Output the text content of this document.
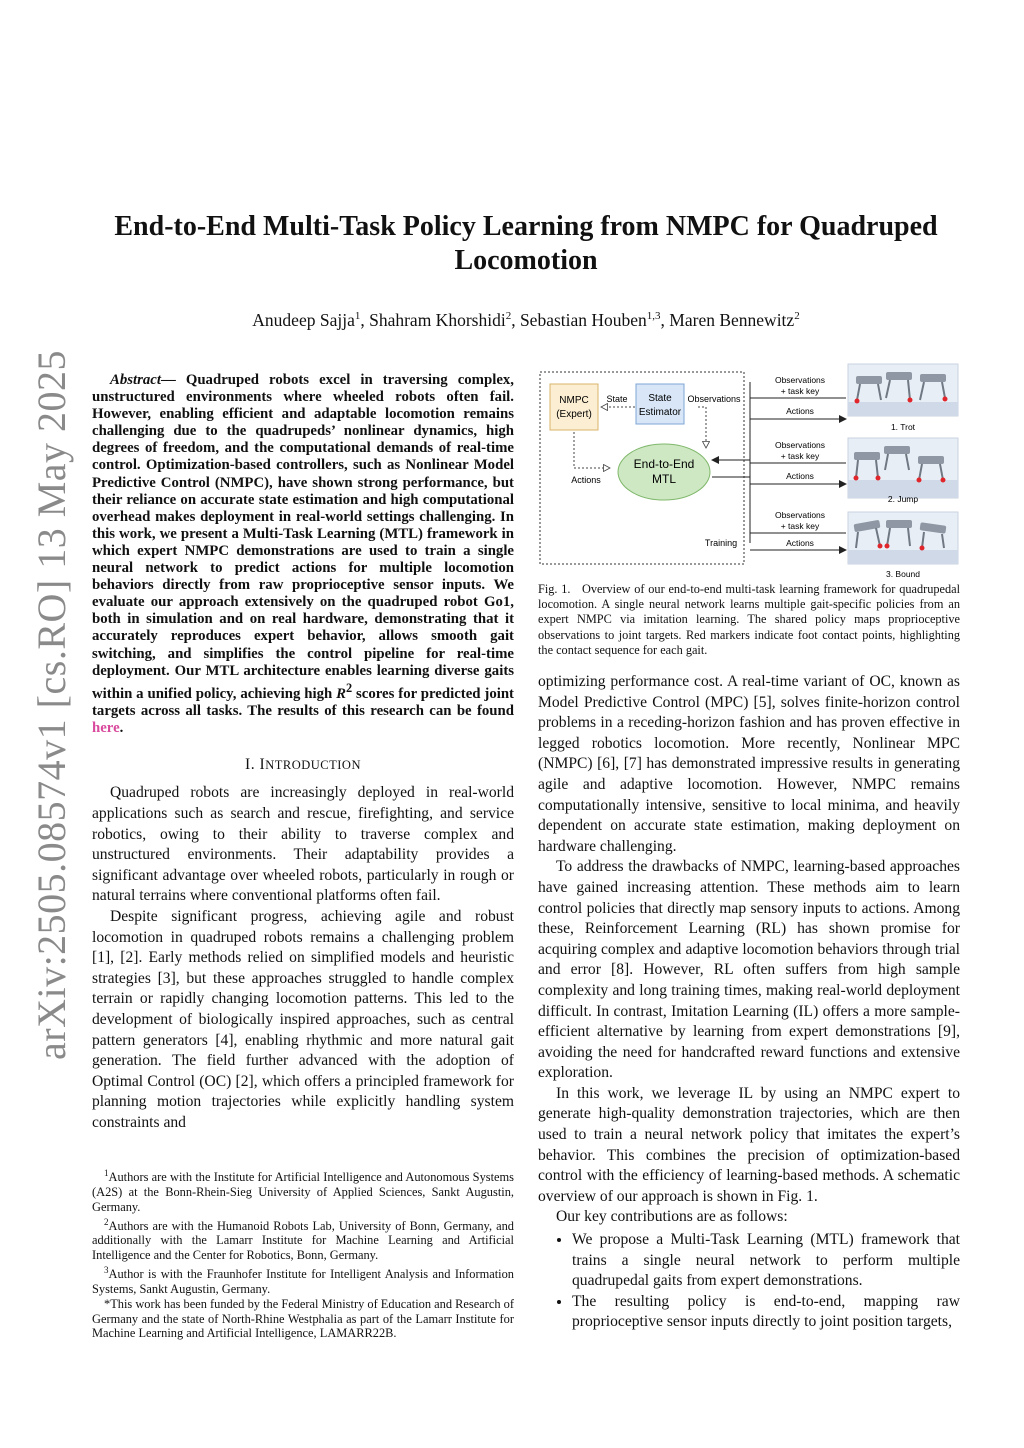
arXiv:2505.08574v1 [cs.RO] 13 May 2025
End-to-End Multi-Task Policy Learning from NMPC for Quadruped Locomotion
Anudeep Sajja$^1$, Shahram Khorshidi$^2$, Sebastian Houben$^{1,3}$, Maren Bennewitz$^2$

Abstract— Quadruped robots excel in traversing complex, unstructured environments where wheeled robots often fail. However, enabling efficient and adaptable locomotion remains challenging due to the quadrupeds’ nonlinear dynamics, high degrees of freedom, and the computational demands of real-time control. Optimization-based controllers, such as Nonlinear Model Predictive Control (NMPC), have shown strong performance, but their reliance on accurate state estimation and high computational overhead makes deployment in real-world settings challenging. In this work, we present a Multi-Task Learning (MTL) framework in which expert NMPC demonstrations are used to train a single neural network to predict actions for multiple locomotion behaviors directly from raw proprioceptive sensor inputs. We evaluate our approach extensively on the quadruped robot Go1, both in simulation and on real hardware, demonstrating that it accurately reproduces expert behavior, allows smooth gait switching, and simplifies the control pipeline for real-time deployment. Our MTL architecture enables learning diverse gaits within a unified policy, achieving high $R^2$ scores for predicted joint targets across all tasks. The results of this research can be found here.

I. INTRODUCTION

Quadruped robots are increasingly deployed in real-world applications such as search and rescue, firefighting, and service robotics, owing to their ability to traverse complex and unstructured environments. Their adaptability provides a significant advantage over wheeled robots, particularly in rough or natural terrains where conventional platforms often fail.

Despite significant progress, achieving agile and robust locomotion in quadruped robots remains a challenging problem [1], [2]. Early methods relied on simplified models and heuristic strategies [3], but these approaches struggled to handle complex terrain or rapidly changing locomotion patterns. This led to the development of biologically inspired approaches, such as central pattern generators [4], enabling rhythmic and more natural gait generation. The field further advanced with the adoption of Optimal Control (OC) [2], which offers a principled framework for planning motion trajectories while explicitly handling system constraints and

$^1$Authors are with the Institute for Artificial Intelligence and Autonomous Systems (A2S) at the Bonn-Rhein-Sieg University of Applied Sciences, Sankt Augustin, Germany.

$^2$Authors are with the Humanoid Robots Lab, University of Bonn, Germany, and additionally with the Lamarr Institute for Machine Learning and Artificial Intelligence and the Center for Robotics, Bonn, Germany.

$^3$Author is with the Fraunhofer Institute for Intelligent Analysis and Information Systems, Sankt Augustin, Germany.

*This work has been funded by the Federal Ministry of Education and Research of Germany and the state of North-Rhine Westphalia as part of the Lamarr Institute for Machine Learning and Artificial Intelligence, LAMARR22B.

NMPC
(Expert)
State
Estimator
State	Observations
Actions
End-to-End
MTL
Training
Observations
+ task key
Actions
Observations
+ task key
Actions
Observations
+ task key
Actions
1. Trot
2. Jump
3. Bound
Fig. 1. Overview of our end-to-end multi-task learning framework for quadrupedal locomotion. A single neural network learns multiple gait-specific policies from an expert NMPC via imitation learning. The shared policy maps proprioceptive observations to joint targets. Red markers indicate foot contact points, highlighting the contact sequence for each gait.

optimizing performance cost. A real-time variant of OC, known as Model Predictive Control (MPC) [5], solves finite-horizon control problems in a receding-horizon fashion and has proven effective in legged robotics locomotion. More recently, Nonlinear MPC (NMPC) [6], [7] has demonstrated impressive results in generating agile and adaptive locomotion. However, NMPC remains computationally intensive, sensitive to local minima, and heavily dependent on accurate state estimation, making deployment on hardware challenging.

To address the drawbacks of NMPC, learning-based approaches have gained increasing attention. These methods aim to learn control policies that directly map sensory inputs to actions. Among these, Reinforcement Learning (RL) has shown promise for acquiring complex and adaptive locomotion behaviors through trial and error [8]. However, RL often suffers from high sample complexity and long training times, making real-world deployment difficult. In contrast, Imitation Learning (IL) offers a more sample-efficient alternative by learning from expert demonstrations [9], avoiding the need for handcrafted reward functions and extensive exploration.

In this work, we leverage IL by using an NMPC expert to generate high-quality demonstration trajectories, which are then used to train a neural network policy that imitates the expert’s behavior. This combines the precision of optimization-based control with the efficiency of learning-based methods. A schematic overview of our approach is shown in Fig. 1.

Our key contributions are as follows:

• We propose a Multi-Task Learning (MTL) framework that trains a single neural network to perform multiple quadrupedal gaits from expert demonstrations.
• The resulting policy is end-to-end, mapping raw proprioceptive sensor inputs directly to joint position targets,
